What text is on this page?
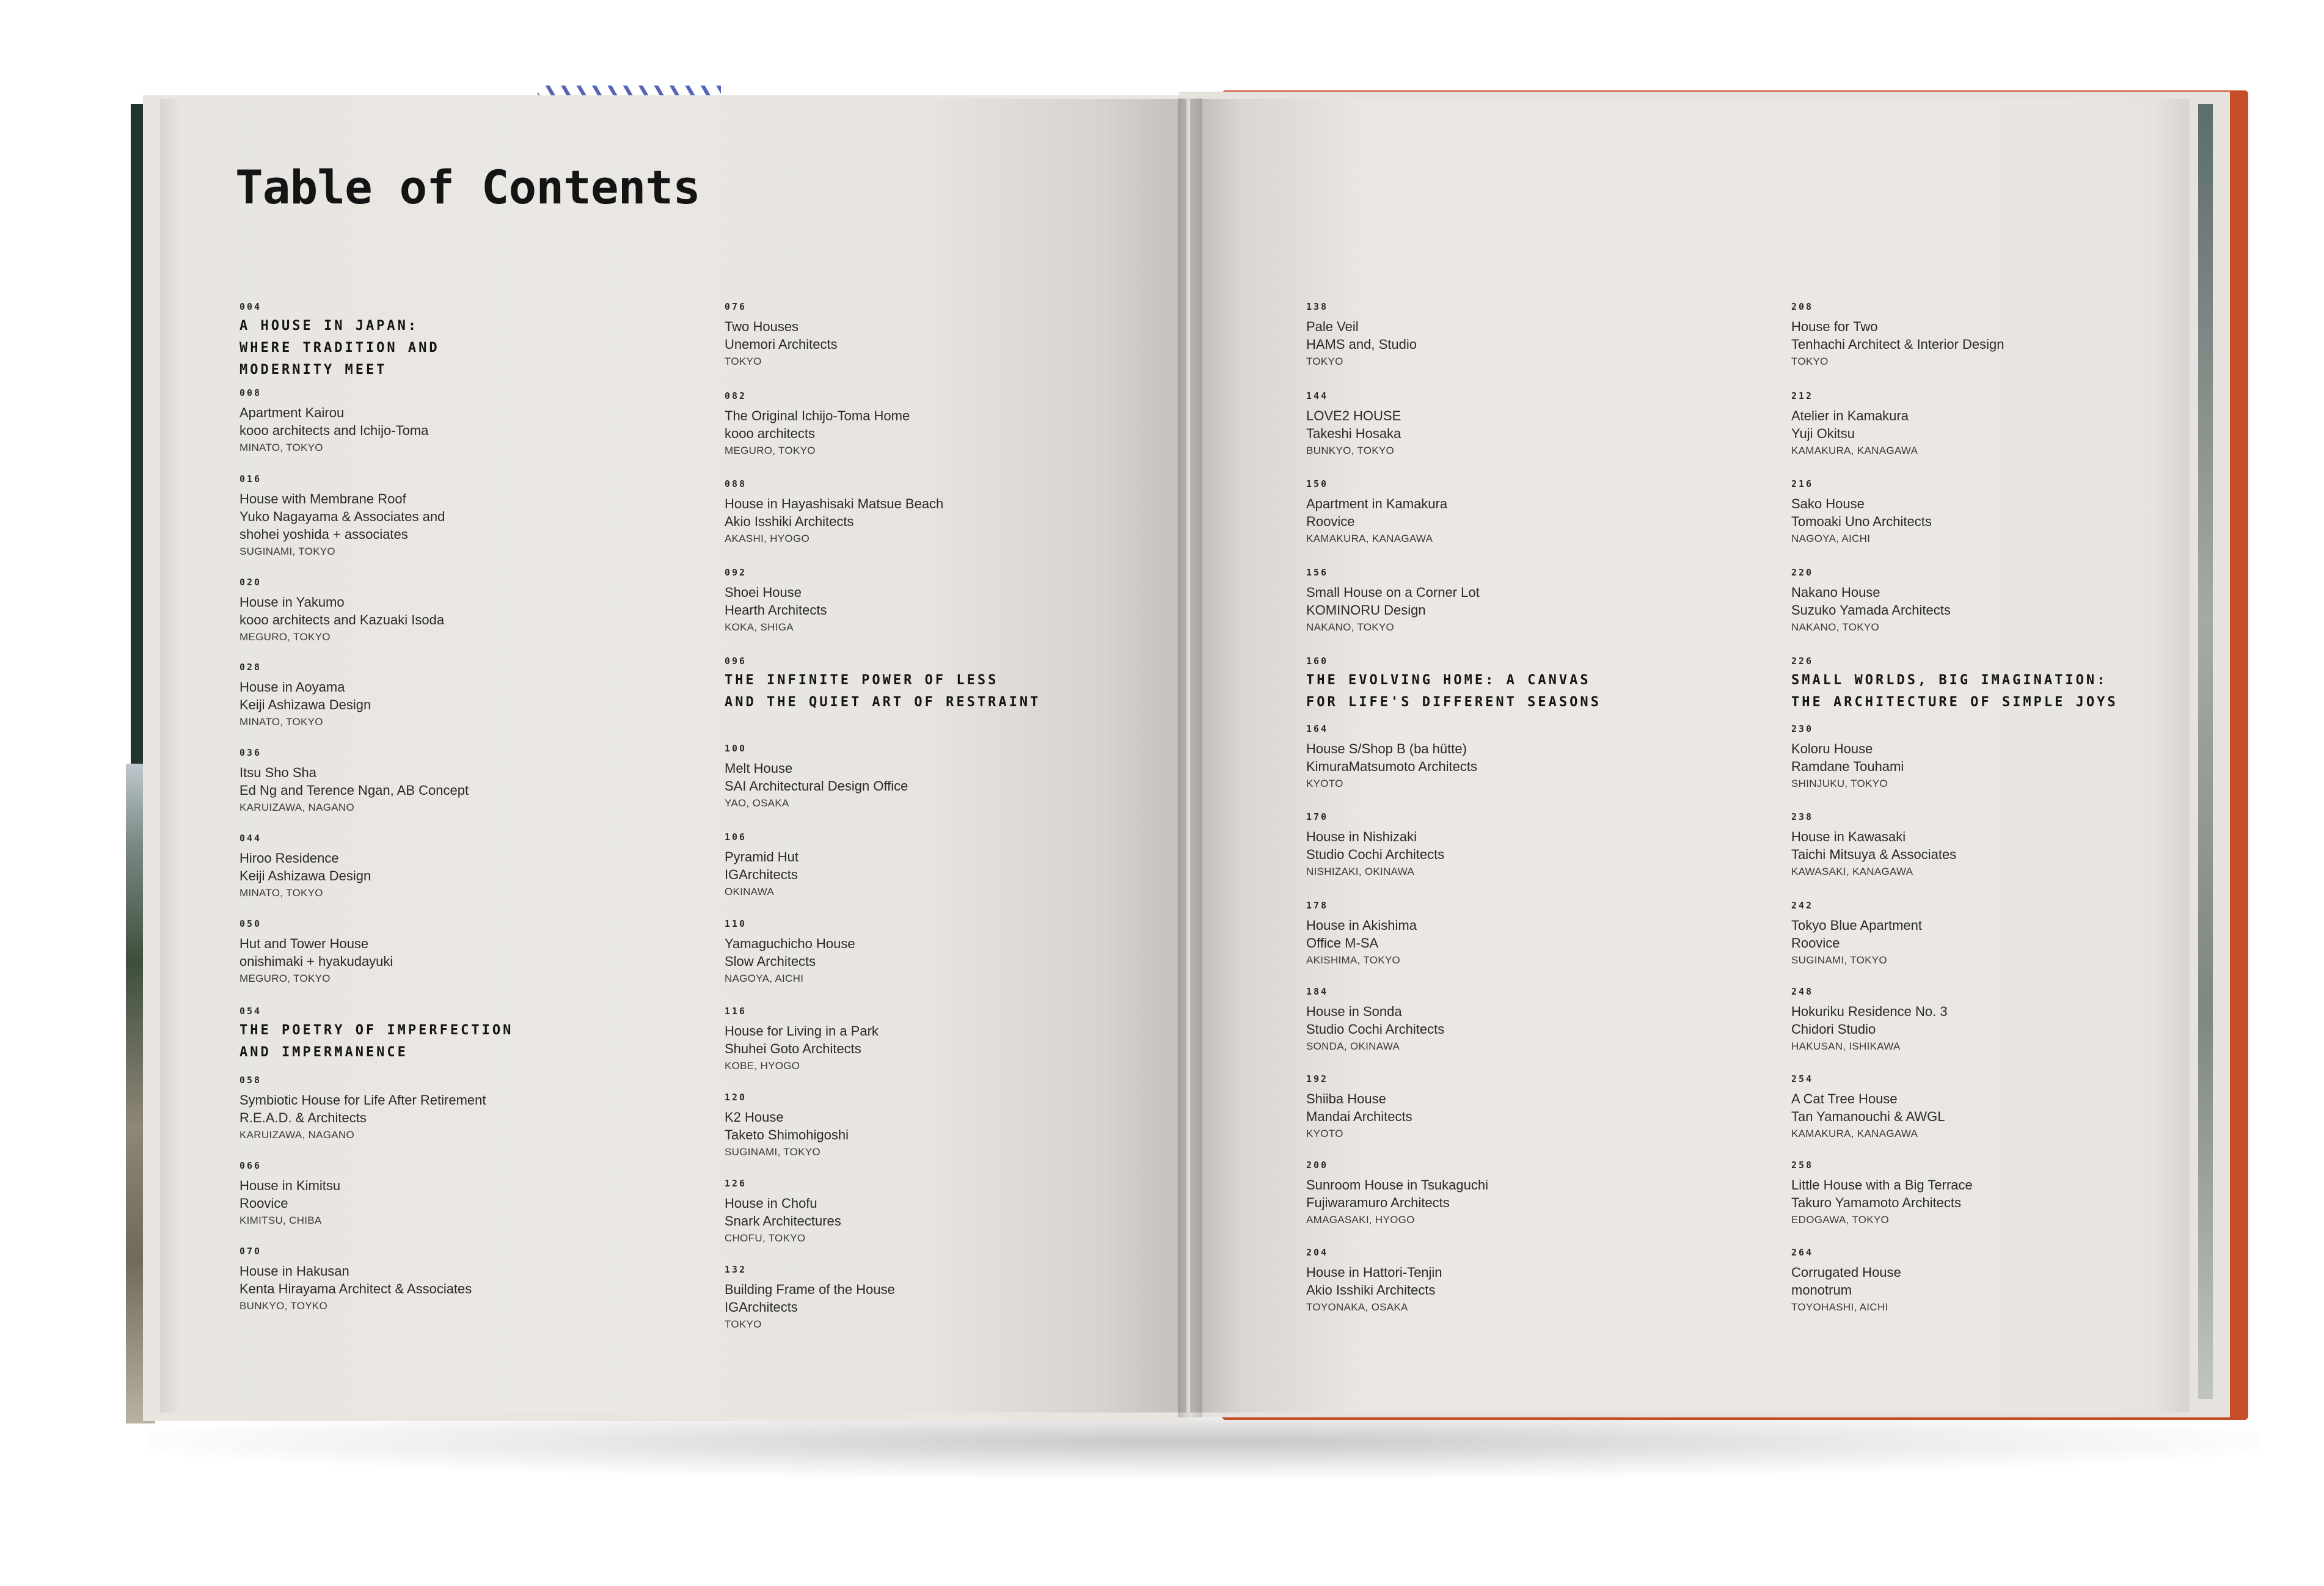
Table of Contents
004
A HOUSE IN JAPAN:
WHERE TRADITION AND
MODERNITY MEET
008
Apartment Kairou
kooo architects and Ichijo-Toma
MINATO, TOKYO
016
House with Membrane Roof
Yuko Nagayama & Associates and
shohei yoshida + associates
SUGINAMI, TOKYO
020
House in Yakumo
kooo architects and Kazuaki Isoda
MEGURO, TOKYO
028
House in Aoyama
Keiji Ashizawa Design
MINATO, TOKYO
036
Itsu Sho Sha
Ed Ng and Terence Ngan, AB Concept
KARUIZAWA, NAGANO
044
Hiroo Residence
Keiji Ashizawa Design
MINATO, TOKYO
050
Hut and Tower House
onishimaki + hyakudayuki
MEGURO, TOKYO
054
THE POETRY OF IMPERFECTION
AND IMPERMANENCE
058
Symbiotic House for Life After Retirement
R.E.A.D. & Architects
KARUIZAWA, NAGANO
066
House in Kimitsu
Roovice
KIMITSU, CHIBA
070
House in Hakusan
Kenta Hirayama Architect & Associates
BUNKYO, TOYKO
076
Two Houses
Unemori Architects
TOKYO
082
The Original Ichijo-Toma Home
kooo architects
MEGURO, TOKYO
088
House in Hayashisaki Matsue Beach
Akio Isshiki Architects
AKASHI, HYOGO
092
Shoei House
Hearth Architects
KOKA, SHIGA
096
THE INFINITE POWER OF LESS
AND THE QUIET ART OF RESTRAINT
100
Melt House
SAI Architectural Design Office
YAO, OSAKA
106
Pyramid Hut
IGArchitects
OKINAWA
110
Yamaguchicho House
Slow Architects
NAGOYA, AICHI
116
House for Living in a Park
Shuhei Goto Architects
KOBE, HYOGO
120
K2 House
Taketo Shimohigoshi
SUGINAMI, TOKYO
126
House in Chofu
Snark Architectures
CHOFU, TOKYO
132
Building Frame of the House
IGArchitects
TOKYO
138
Pale Veil
HAMS and, Studio
TOKYO
144
LOVE2 HOUSE
Takeshi Hosaka
BUNKYO, TOKYO
150
Apartment in Kamakura
Roovice
KAMAKURA, KANAGAWA
156
Small House on a Corner Lot
KOMINORU Design
NAKANO, TOKYO
160
THE EVOLVING HOME: A CANVAS
FOR LIFE'S DIFFERENT SEASONS
164
House S/Shop B (ba hütte)
KimuraMatsumoto Architects
KYOTO
170
House in Nishizaki
Studio Cochi Architects
NISHIZAKI, OKINAWA
178
House in Akishima
Office M-SA
AKISHIMA, TOKYO
184
House in Sonda
Studio Cochi Architects
SONDA, OKINAWA
192
Shiiba House
Mandai Architects
KYOTO
200
Sunroom House in Tsukaguchi
Fujiwaramuro Architects
AMAGASAKI, HYOGO
204
House in Hattori-Tenjin
Akio Isshiki Architects
TOYONAKA, OSAKA
208
House for Two
Tenhachi Architect & Interior Design
TOKYO
212
Atelier in Kamakura
Yuji Okitsu
KAMAKURA, KANAGAWA
216
Sako House
Tomoaki Uno Architects
NAGOYA, AICHI
220
Nakano House
Suzuko Yamada Architects
NAKANO, TOKYO
226
SMALL WORLDS, BIG IMAGINATION:
THE ARCHITECTURE OF SIMPLE JOYS
230
Koloru House
Ramdane Touhami
SHINJUKU, TOKYO
238
House in Kawasaki
Taichi Mitsuya & Associates
KAWASAKI, KANAGAWA
242
Tokyo Blue Apartment
Roovice
SUGINAMI, TOKYO
248
Hokuriku Residence No. 3
Chidori Studio
HAKUSAN, ISHIKAWA
254
A Cat Tree House
Tan Yamanouchi & AWGL
KAMAKURA, KANAGAWA
258
Little House with a Big Terrace
Takuro Yamamoto Architects
EDOGAWA, TOKYO
264
Corrugated House
monotrum
TOYOHASHI, AICHI
